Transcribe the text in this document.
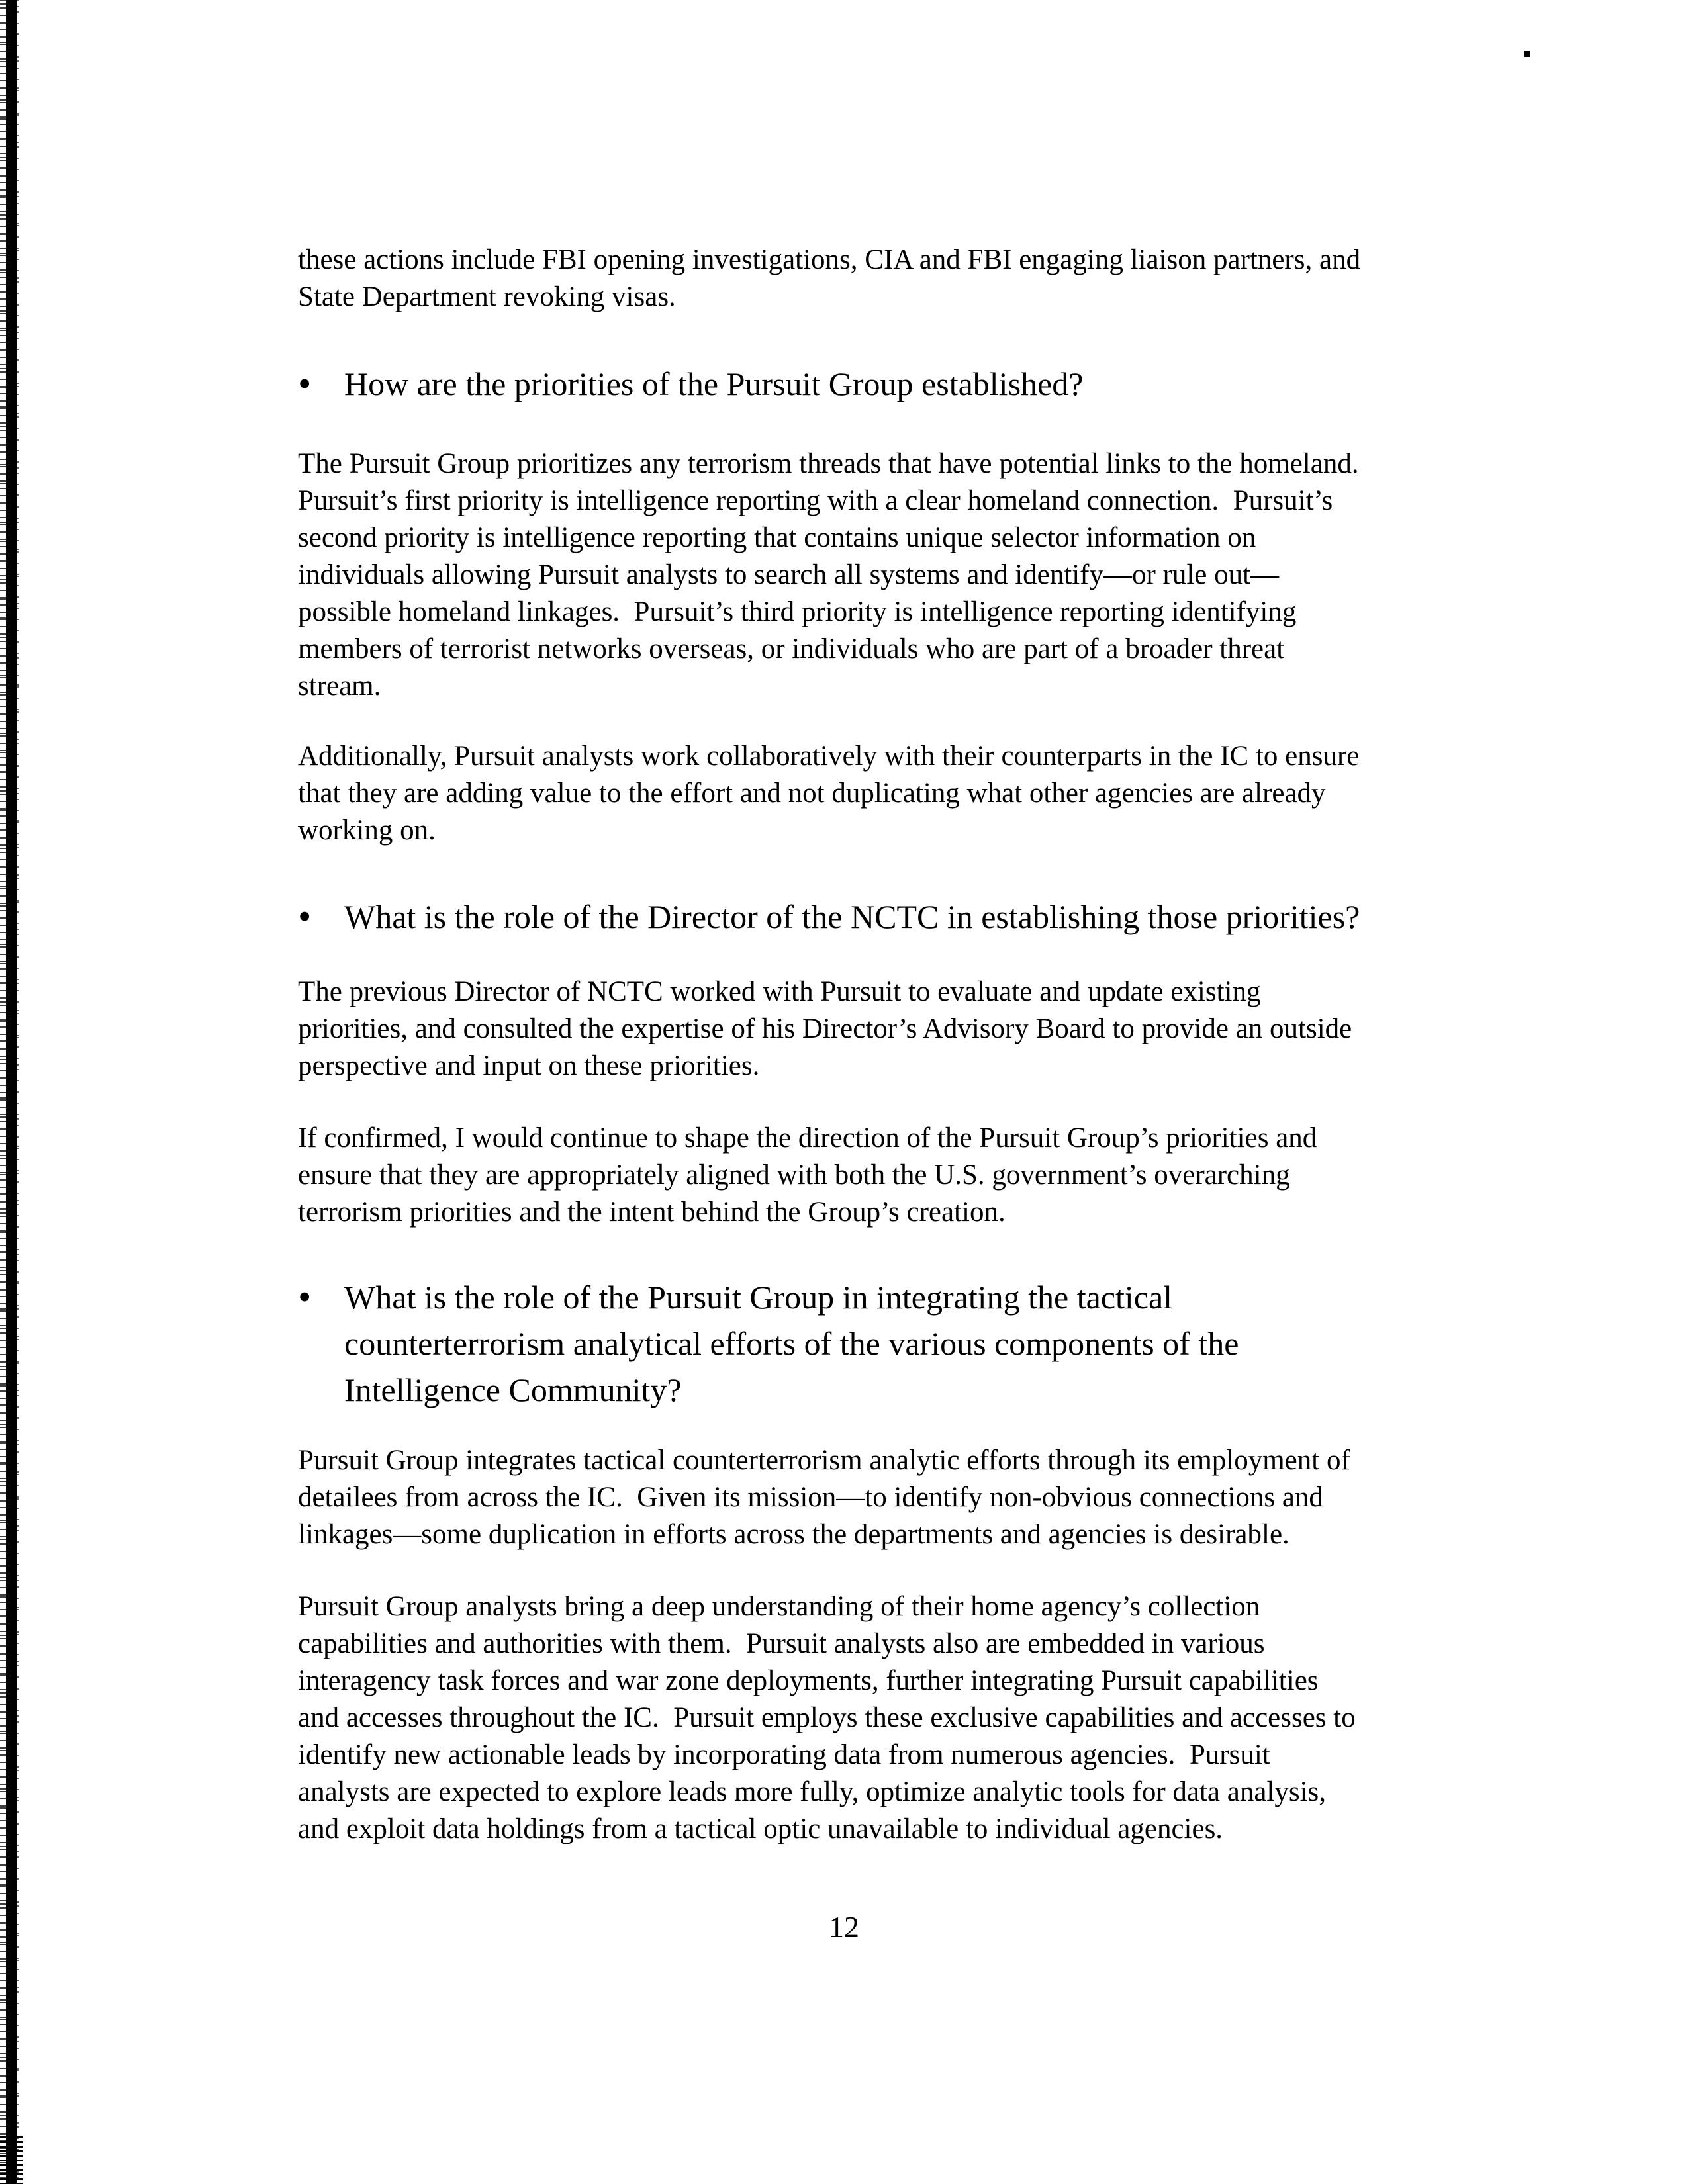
these actions include FBI opening investigations, CIA and FBI engaging liaison partners, and
State Department revoking visas.
• How are the priorities of the Pursuit Group established?
The Pursuit Group prioritizes any terrorism threads that have potential links to the homeland.
Pursuit’s first priority is intelligence reporting with a clear homeland connection.  Pursuit’s
second priority is intelligence reporting that contains unique selector information on
individuals allowing Pursuit analysts to search all systems and identify—or rule out—
possible homeland linkages.  Pursuit’s third priority is intelligence reporting identifying
members of terrorist networks overseas, or individuals who are part of a broader threat
stream.
Additionally, Pursuit analysts work collaboratively with their counterparts in the IC to ensure
that they are adding value to the effort and not duplicating what other agencies are already
working on.
• What is the role of the Director of the NCTC in establishing those priorities?
The previous Director of NCTC worked with Pursuit to evaluate and update existing
priorities, and consulted the expertise of his Director’s Advisory Board to provide an outside
perspective and input on these priorities.
If confirmed, I would continue to shape the direction of the Pursuit Group’s priorities and
ensure that they are appropriately aligned with both the U.S. government’s overarching
terrorism priorities and the intent behind the Group’s creation.
• What is the role of the Pursuit Group in integrating the tactical
counterterrorism analytical efforts of the various components of the
Intelligence Community?
Pursuit Group integrates tactical counterterrorism analytic efforts through its employment of
detailees from across the IC.  Given its mission—to identify non-obvious connections and
linkages—some duplication in efforts across the departments and agencies is desirable.
Pursuit Group analysts bring a deep understanding of their home agency’s collection
capabilities and authorities with them.  Pursuit analysts also are embedded in various
interagency task forces and war zone deployments, further integrating Pursuit capabilities
and accesses throughout the IC.  Pursuit employs these exclusive capabilities and accesses to
identify new actionable leads by incorporating data from numerous agencies.  Pursuit
analysts are expected to explore leads more fully, optimize analytic tools for data analysis,
and exploit data holdings from a tactical optic unavailable to individual agencies.
12
